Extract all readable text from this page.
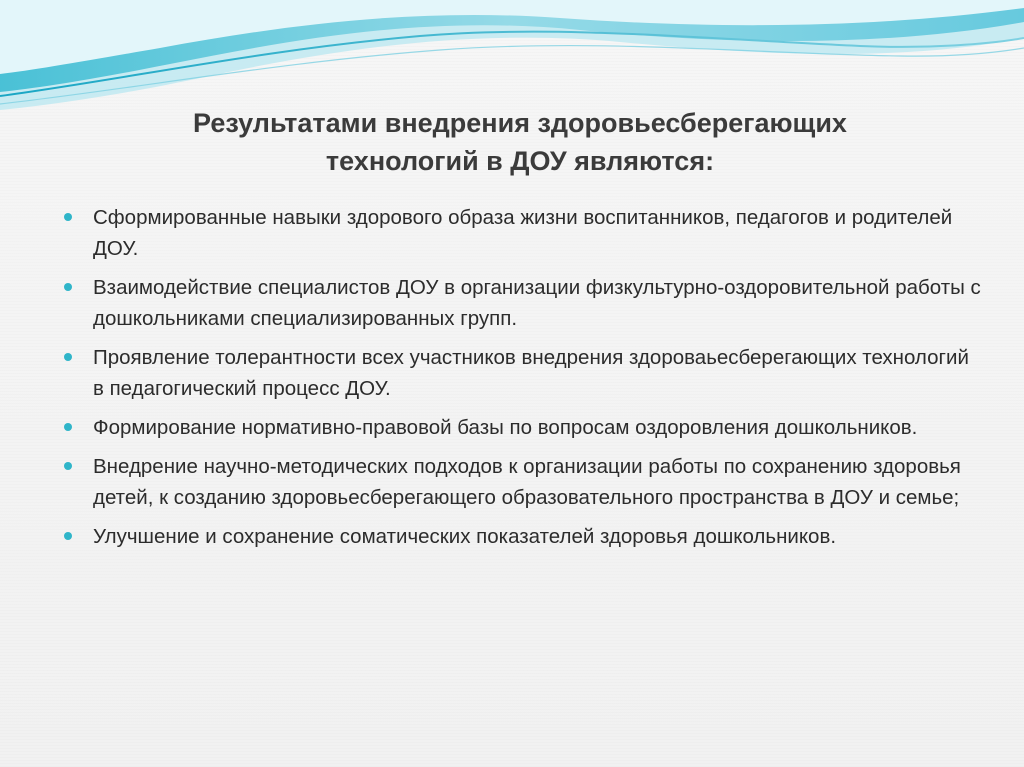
Результатами внедрения здоровьесберегающих
технологий в ДОУ являются:
Сформированные навыки здорового образа жизни воспитанников, педагогов и родителей ДОУ.
Взаимодействие специалистов ДОУ в организации физкультурно-оздоровительной работы с дошкольниками специализированных групп.
Проявление толерантности всех участников внедрения здороваьесберегающих технологий в педагогический процесс ДОУ.
Формирование нормативно-правовой базы по вопросам оздоровления дошкольников.
Внедрение научно-методических подходов к организации работы по сохранению здоровья детей, к созданию здоровьесберегающего образовательного пространства в ДОУ и семье;
Улучшение и сохранение соматических показателей здоровья дошкольников.
